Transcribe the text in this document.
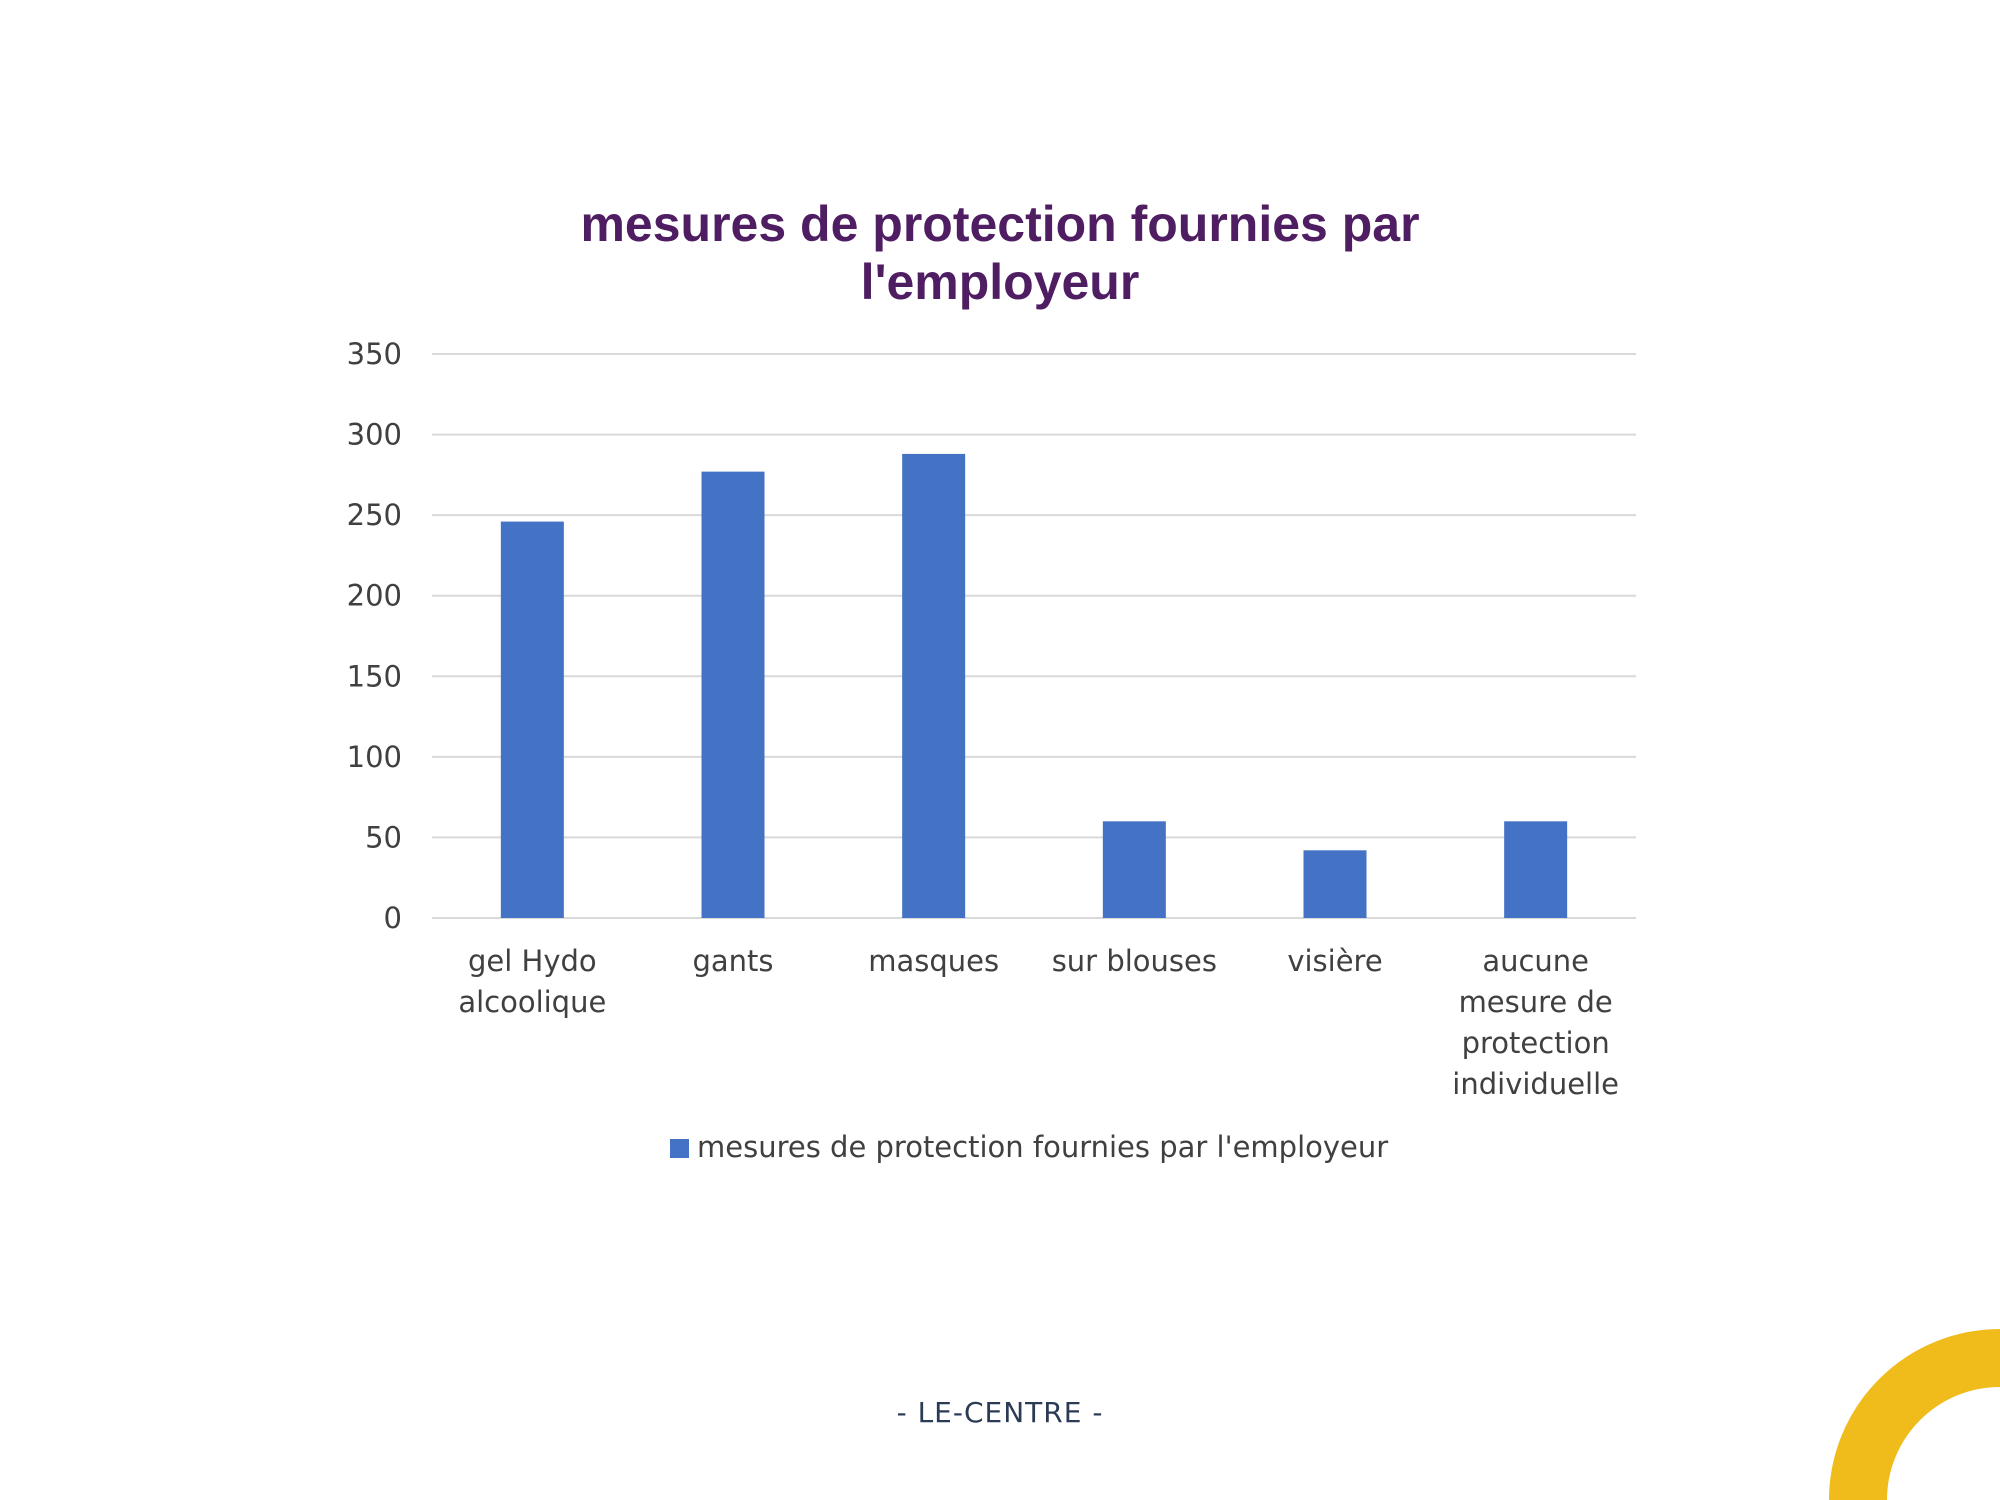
mesures de protection fournies par
l'employeur
0
50
100
150
200
250
300
350
gel Hydo
alcoolique
gants	masques sur blouses visière	aucune
mesure de
protection
individuelle
mesures de protection fournies par l'employeur
- LE-CENTRE -
